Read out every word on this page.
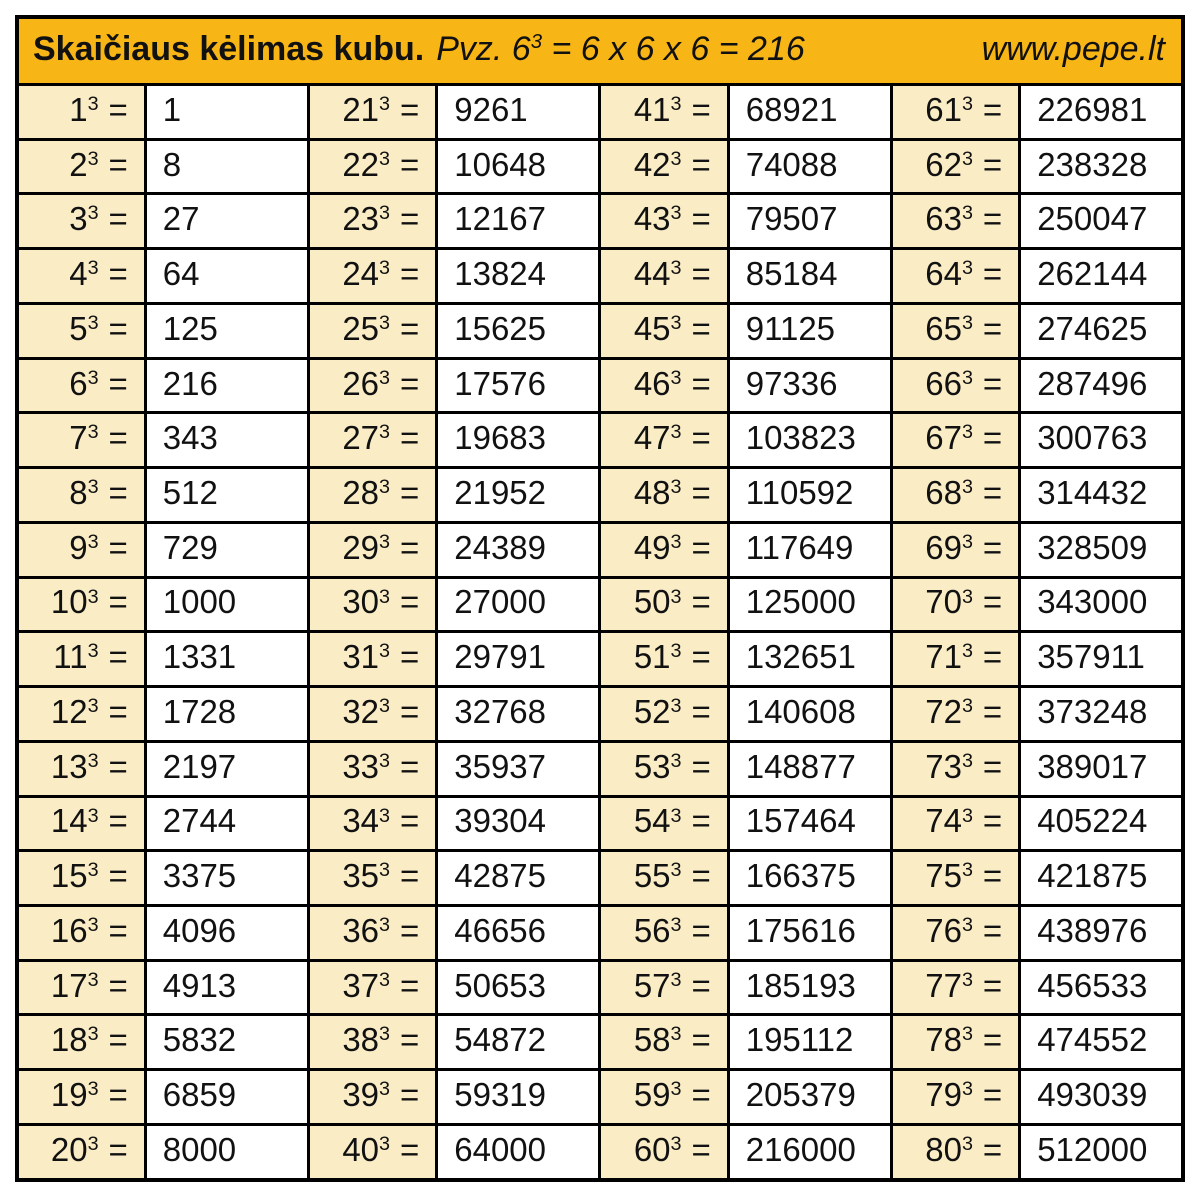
Skaičiaus kėlimas kubu. Pvz. $6^3 = 6$ x 6 x 6 = 216 www.pepe.lt							

$1^3$ =	1	$21^3$ =	9261	$41^3$ =	68921	$61^3$ =	226981
$2^3$ =	8	$22^3$ =	10648	$42^3$ =	74088	$62^3$ =	238328
$3^3$ =	27	$23^3$ =	12167	$43^3$ =	79507	$63^3$ =	250047
$4^3$ =	64	$24^3$ =	13824	$44^3$ =	85184	$64^3$ =	262144
$5^3$ =	125	$25^3$ =	15625	$45^3$ =	91125	$65^3$ =	274625
$6^3$ =	216	$26^3$ =	17576	$46^3$ =	97336	$66^3$ =	287496
$7^3$ =	343	$27^3$ =	19683	$47^3$ =	103823	$67^3$ =	300763
$8^3$ =	512	$28^3$ =	21952	$48^3$ =	110592	$68^3$ =	314432
$9^3$ =	729	$29^3$ =	24389	$49^3$ =	117649	$69^3$ =	328509
$10^3$ =	1000	$30^3$ =	27000	$50^3$ =	125000	$70^3$ =	343000
$11^3$ =	1331	$31^3$ =	29791	$51^3$ =	132651	$71^3$ =	357911
$12^3$ =	1728	$32^3$ =	32768	$52^3$ =	140608	$72^3$ =	373248
$13^3$ =	2197	$33^3$ =	35937	$53^3$ =	148877	$73^3$ =	389017
$14^3$ =	2744	$34^3$ =	39304	$54^3$ =	157464	$74^3$ =	405224
$15^3$ =	3375	$35^3$ =	42875	$55^3$ =	166375	$75^3$ =	421875
$16^3$ =	4096	$36^3$ =	46656	$56^3$ =	175616	$76^3$ =	438976
$17^3$ =	4913	$37^3$ =	50653	$57^3$ =	185193	$77^3$ =	456533
$18^3$ =	5832	$38^3$ =	54872	$58^3$ =	195112	$78^3$ =	474552
$19^3$ =	6859	$39^3$ =	59319	$59^3$ =	205379	$79^3$ =	493039
$20^3$ =	8000	$40^3$ =	64000	$60^3$ =	216000	$80^3$ =	512000
